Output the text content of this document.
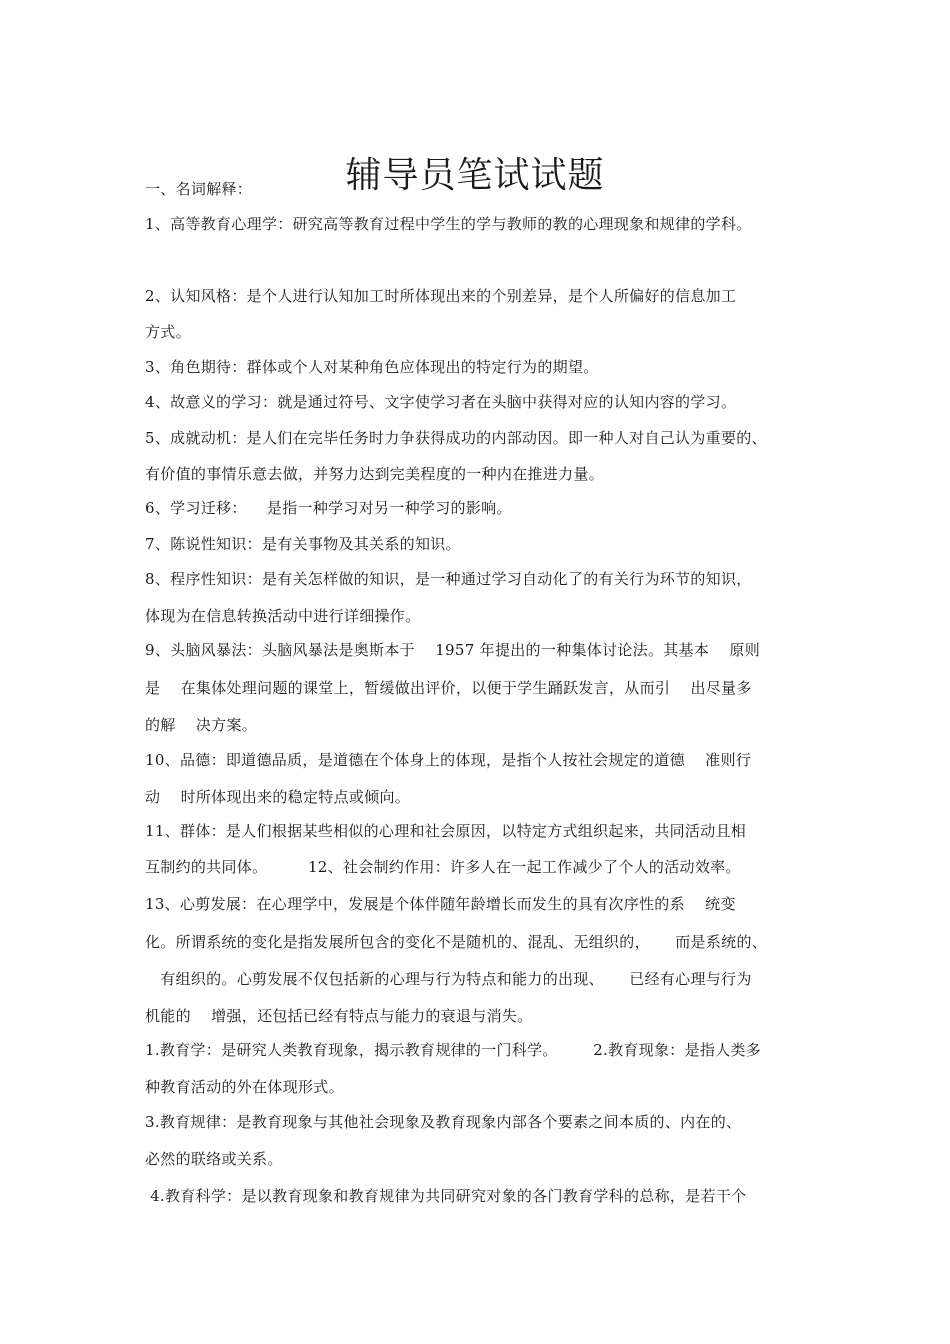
辅导员笔试试题
一、名词解释：
1、高等教育心理学：研究高等教育过程中学生的学与教师的教的心理现象和规律的学科。
2、认知风格：是个人进行认知加工时所体现出来的个别差异，是个人所偏好的信息加工
方式。
3、角色期待：群体或个人对某种角色应体现出的特定行为的期望。
4、故意义的学习：就是通过符号、文字使学习者在头脑中获得对应的认知内容的学习。
5、成就动机：是人们在完毕任务时力争获得成功的内部动因。即一种人对自己认为重要的、
有价值的事情乐意去做，并努力达到完美程度的一种内在推进力量。
6、学习迁移：    是指一种学习对另一种学习的影响。
7、陈说性知识：是有关事物及其关系的知识。
8、程序性知识：是有关怎样做的知识，是一种通过学习自动化了的有关行为环节的知识，
体现为在信息转换活动中进行详细操作。
9、头脑风暴法：头脑风暴法是奥斯本于    1957 年提出的一种集体讨论法。其基本    原则
是    在集体处理问题的课堂上，暂缓做出评价，以便于学生踊跃发言，从而引    出尽量多
的解    决方案。
10、品德：即道德品质，是道德在个体身上的体现，是指个人按社会规定的道德    准则行
动    时所体现出来的稳定特点或倾向。
11、群体：是人们根据某些相似的心理和社会原因，以特定方式组织起来，共同活动且相
互制约的共同体。        12、社会制约作用：许多人在一起工作减少了个人的活动效率。
13、心剪发展：在心理学中，发展是个体伴随年龄增长而发生的具有次序性的系    统变
化。所谓系统的变化是指发展所包含的变化不是随机的、混乱、无组织的，     而是系统的、
有组织的。心剪发展不仅包括新的心理与行为特点和能力的出现、     已经有心理与行为
机能的    增强，还包括已经有特点与能力的衰退与消失。
1.教育学：是研究人类教育现象，揭示教育规律的一门科学。       2.教育现象：是指人类多
种教育活动的外在体现形式。
3.教育规律：是教育现象与其他社会现象及教育现象内部各个要素之间本质的、内在的、
必然的联络或关系。
4.教育科学：是以教育现象和教育规律为共同研究对象的各门教育学科的总称，是若干个
